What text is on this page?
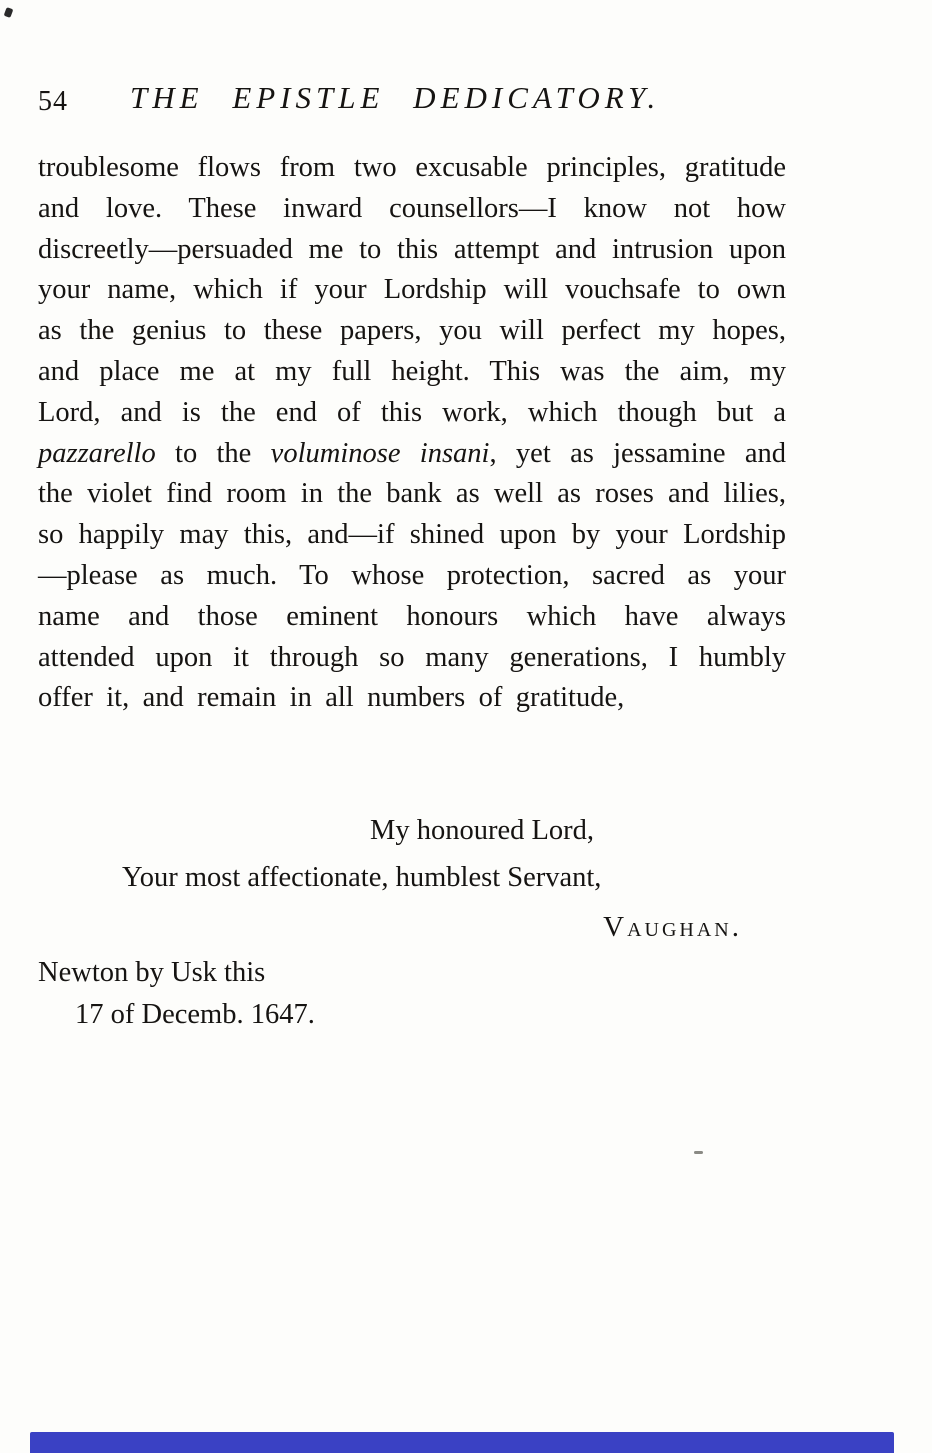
54 THE EPISTLE DEDICATORY.

troublesome flows from two excusable principles, gratitude and love. These inward counsellors—I know not how discreetly—persuaded me to this attempt and intrusion upon your name, which if your Lordship will vouchsafe to own as the genius to these papers, you will perfect my hopes, and place me at my full height. This was the aim, my Lord, and is the end of this work, which though but a pazzarello to the voluminose insani, yet as jessamine and the violet find room in the bank as well as roses and lilies, so happily may this, and—if shined upon by your Lordship—please as much. To whose protection, sacred as your name and those eminent honours which have always attended upon it through so many generations, I humbly offer it, and remain in all numbers of gratitude,

My honoured Lord,
Your most affectionate, humblest Servant,
Vaughan.
Newton by Usk this
17 of Decemb. 1647.
